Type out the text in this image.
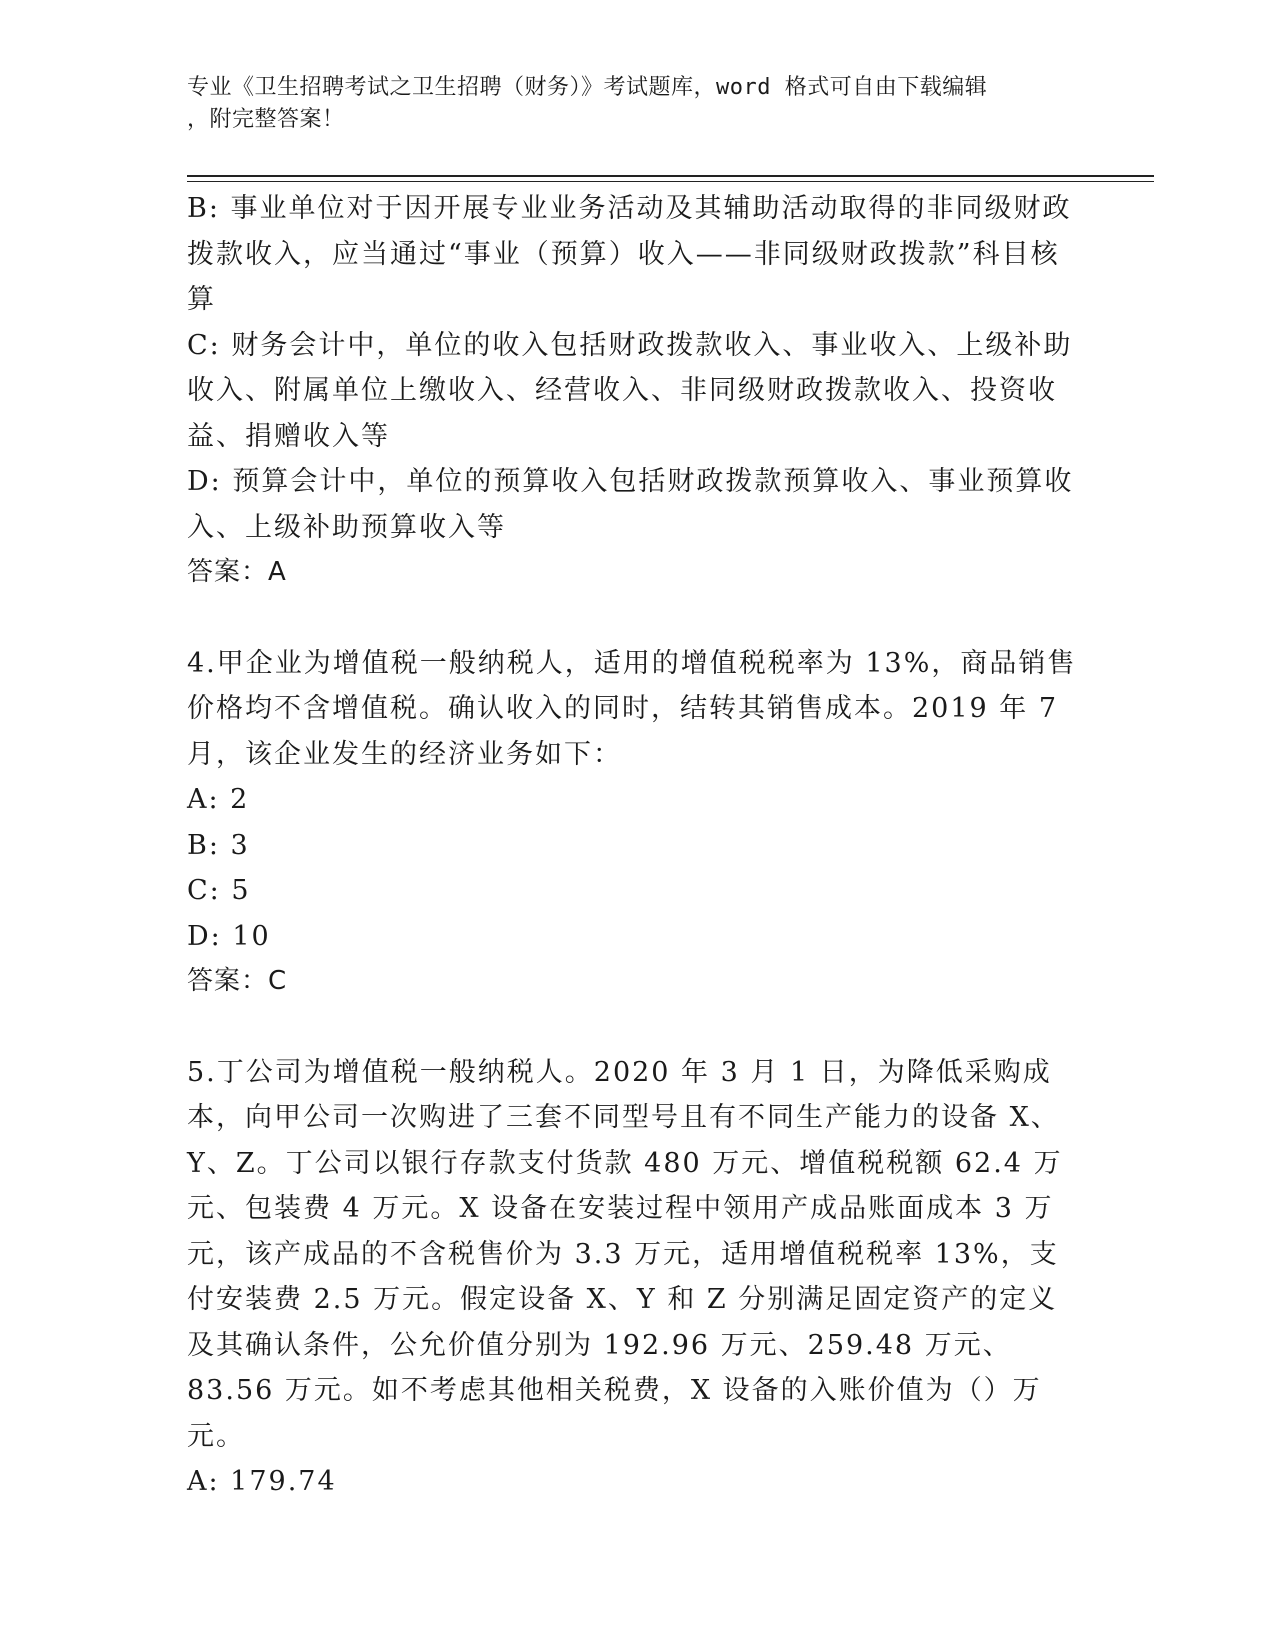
专业《卫生招聘考试之卫生招聘（财务）》考试题库，word 格式可自由下载编辑
，附完整答案！

B: 事业单位对于因开展专业业务活动及其辅助活动取得的非同级财政拨款收入，应当通过“事业（预算）收入——非同级财政拨款”科目核算

C: 财务会计中，单位的收入包括财政拨款收入、事业收入、上级补助收入、附属单位上缴收入、经营收入、非同级财政拨款收入、投资收益、捐赠收入等

D: 预算会计中，单位的预算收入包括财政拨款预算收入、事业预算收入、上级补助预算收入等

答案：A

4.甲企业为增值税一般纳税人，适用的增值税税率为 13%，商品销售价格均不含增值税。确认收入的同时，结转其销售成本。2019 年 7 月，该企业发生的经济业务如下：

A: 2

B: 3

C: 5

D: 10

答案：C

5.丁公司为增值税一般纳税人。2020 年 3 月 1 日，为降低采购成本，向甲公司一次购进了三套不同型号且有不同生产能力的设备 X、Y、Z。丁公司以银行存款支付货款 480 万元、增值税税额 62.4 万元、包装费 4 万元。X 设备在安装过程中领用产成品账面成本 3 万元，该产成品的不含税售价为 3.3 万元，适用增值税税率 13%，支付安装费 2.5 万元。假定设备 X、Y 和 Z 分别满足固定资产的定义及其确认条件，公允价值分别为 192.96 万元、259.48 万元、83.56 万元。如不考虑其他相关税费，X 设备的入账价值为（）万元。

A: 179.74
